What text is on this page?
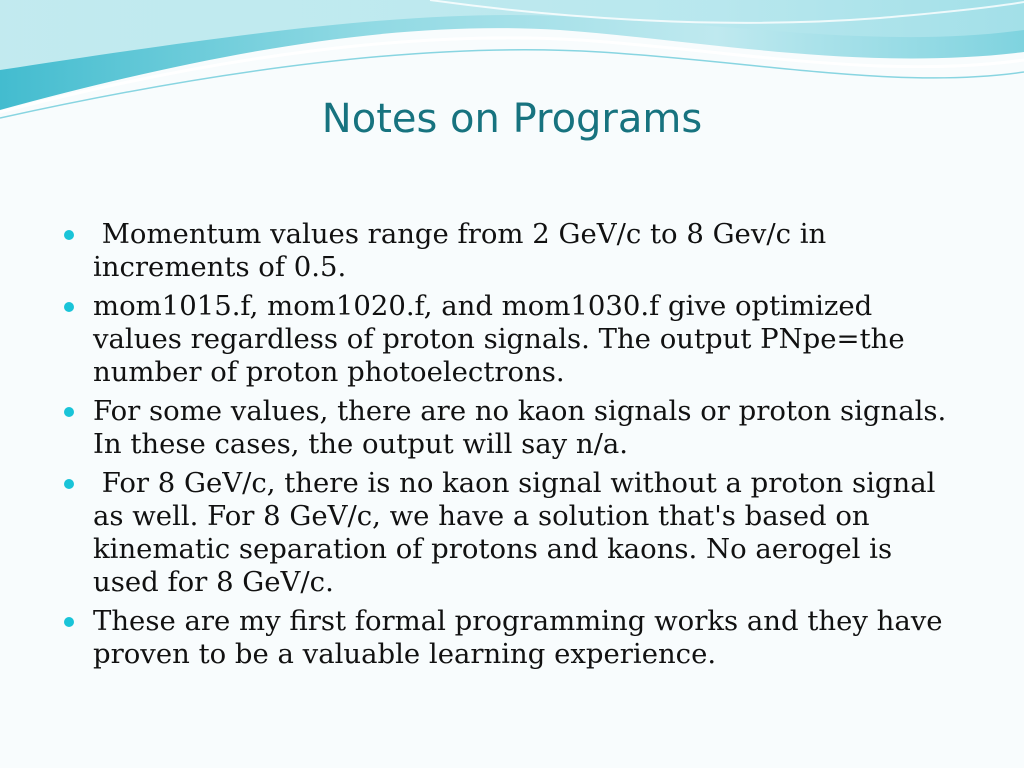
Notes on Programs
Momentum values range from 2 GeV/c to 8 Gev/c in increments of 0.5.
mom1015.f, mom1020.f, and mom1030.f give optimized values regardless of proton signals. The output PNpe=the number of proton photoelectrons.
For some values, there are no kaon signals or proton signals. In these cases, the output will say n/a.
For 8 GeV/c, there is no kaon signal without a proton signal as well. For 8 GeV/c, we have a solution that's based on kinematic separation of protons and kaons. No aerogel is used for 8 GeV/c.
These are my first formal programming works and they have proven to be a valuable learning experience.
